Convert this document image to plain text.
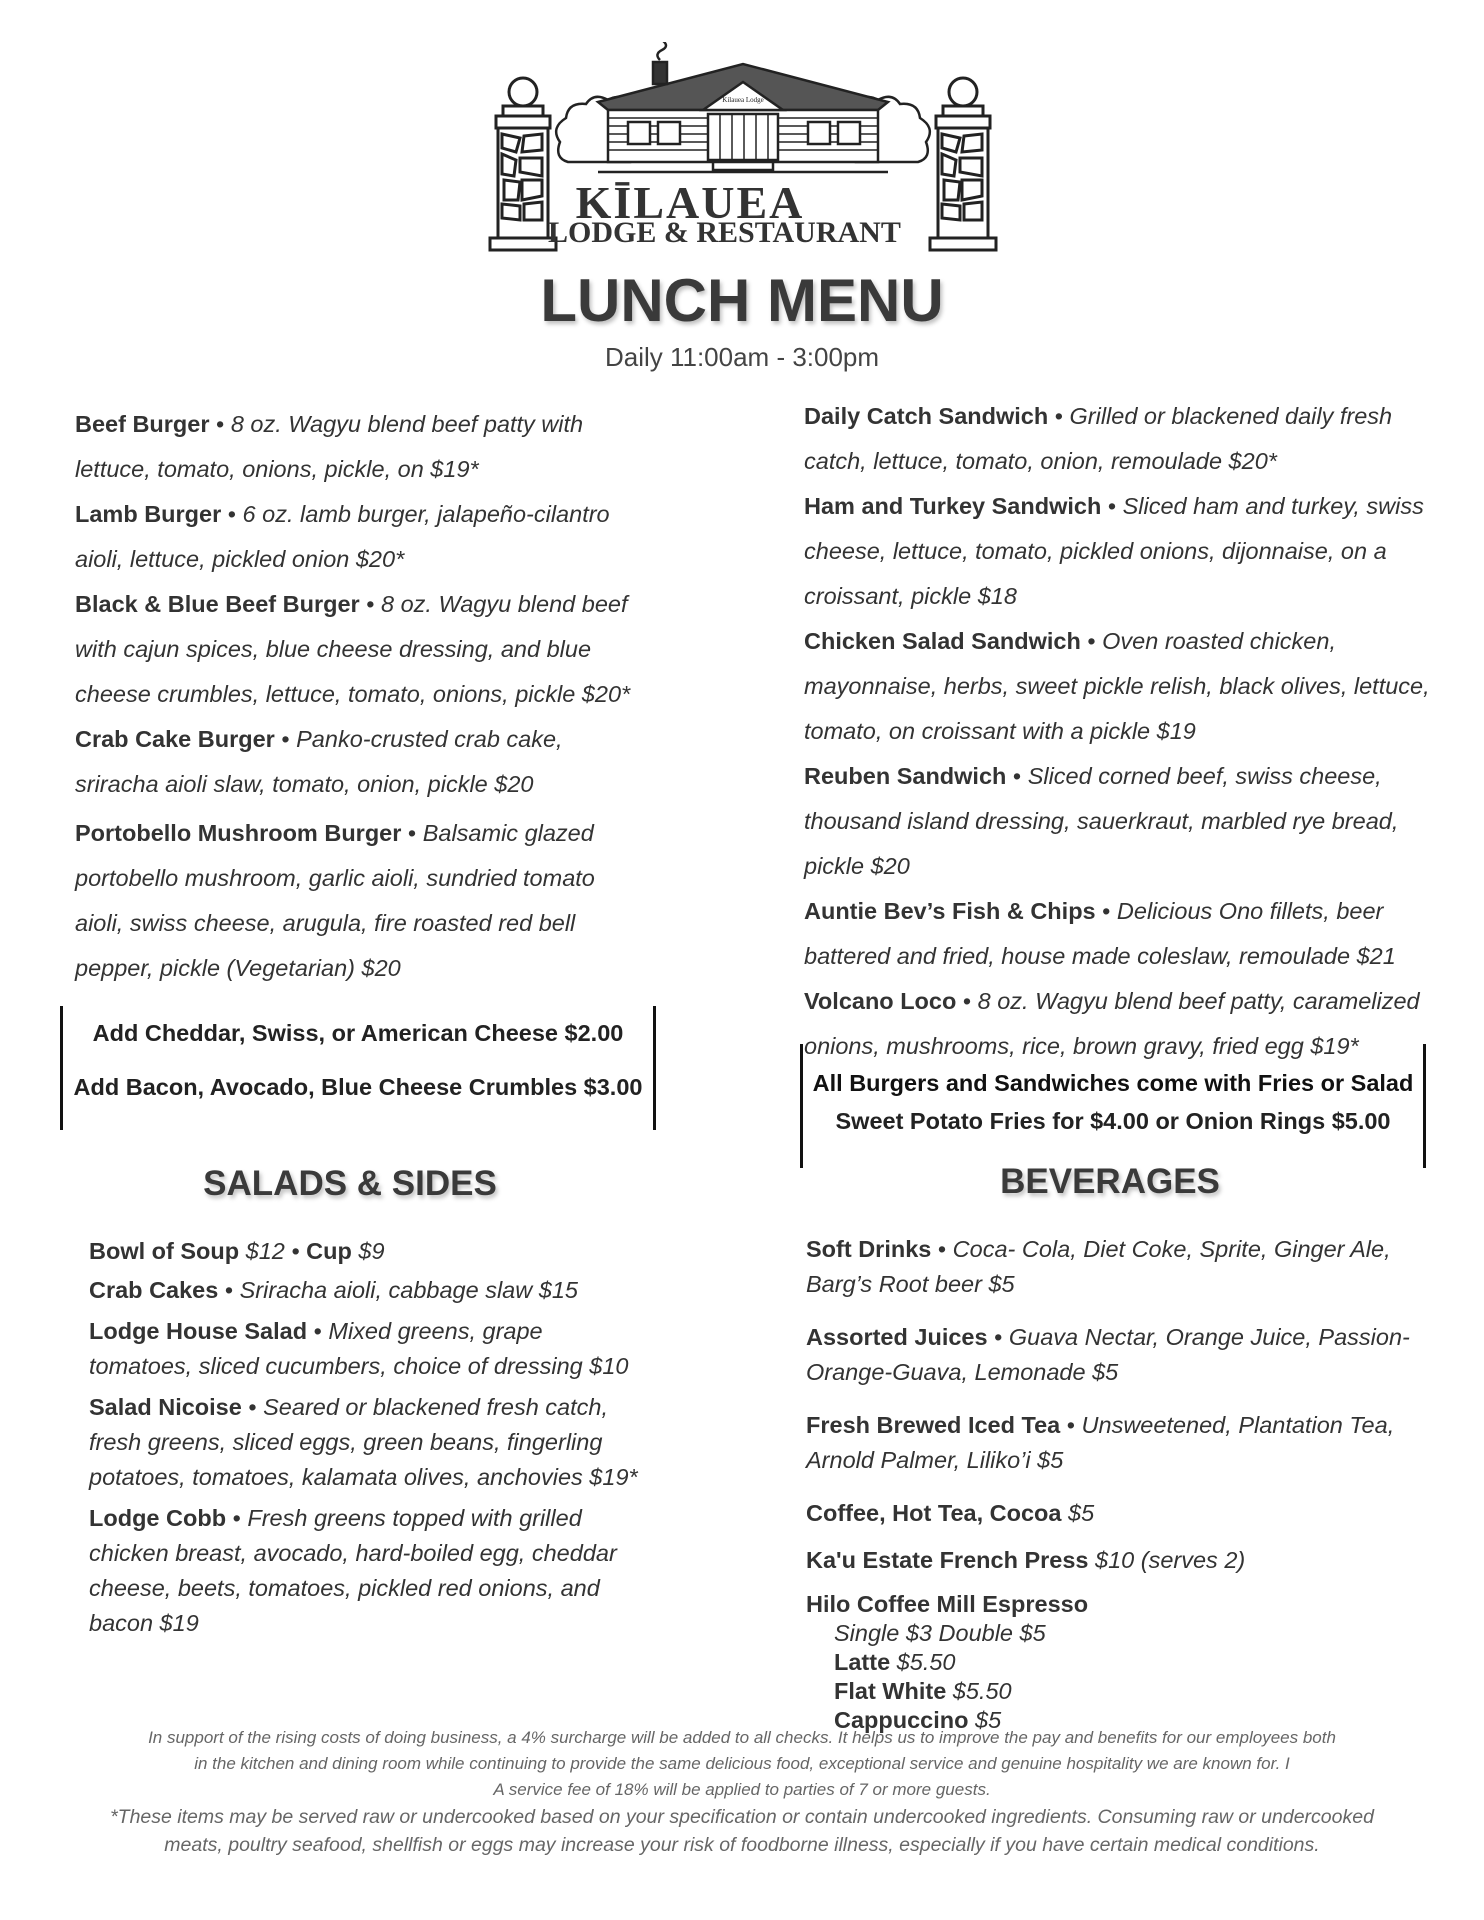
Kilauea Lodge
KĪLAUEA
LODGE & RESTAURANT
LUNCH MENU
Daily 11:00am - 3:00pm
Beef Burger • 8 oz. Wagyu blend beef patty with lettuce, tomato, onions, pickle, on $19*
Lamb Burger • 6 oz. lamb burger, jalapeño-cilantro aioli, lettuce, pickled onion $20*
Black & Blue Beef Burger • 8 oz. Wagyu blend beef with cajun spices, blue cheese dressing, and blue cheese crumbles, lettuce, tomato, onions, pickle $20*
Crab Cake Burger • Panko-crusted crab cake, sriracha aioli slaw, tomato, onion, pickle $20
Portobello Mushroom Burger • Balsamic glazed portobello mushroom, garlic aioli, sundried tomato aioli, swiss cheese, arugula, fire roasted red bell pepper, pickle (Vegetarian) $20
Add Cheddar, Swiss, or American Cheese $2.00
Add Bacon, Avocado, Blue Cheese Crumbles $3.00
Daily Catch Sandwich • Grilled or blackened daily fresh catch, lettuce, tomato, onion, remoulade $20*
Ham and Turkey Sandwich • Sliced ham and turkey, swiss cheese, lettuce, tomato, pickled onions, dijonnaise, on a croissant, pickle $18
Chicken Salad Sandwich • Oven roasted chicken, mayonnaise, herbs, sweet pickle relish, black olives, lettuce, tomato, on croissant with a pickle $19
Reuben Sandwich • Sliced corned beef, swiss cheese, thousand island dressing, sauerkraut, marbled rye bread, pickle $20
Auntie Bev’s Fish & Chips • Delicious Ono fillets, beer battered and fried, house made coleslaw, remoulade $21
Volcano Loco • 8 oz. Wagyu blend beef patty, caramelized onions, mushrooms, rice, brown gravy, fried egg $19*
All Burgers and Sandwiches come with Fries or Salad
Sweet Potato Fries for $4.00 or Onion Rings $5.00
SALADS & SIDES	BEVERAGES
Bowl of Soup $12 • Cup $9
Crab Cakes • Sriracha aioli, cabbage slaw $15
Lodge House Salad • Mixed greens, grape tomatoes, sliced cucumbers, choice of dressing $10
Salad Nicoise • Seared or blackened fresh catch, fresh greens, sliced eggs, green beans, fingerling potatoes, tomatoes, kalamata olives, anchovies $19*
Lodge Cobb • Fresh greens topped with grilled chicken breast, avocado, hard-boiled egg, cheddar cheese, beets, tomatoes, pickled red onions, and bacon $19
Soft Drinks • Coca- Cola, Diet Coke, Sprite, Ginger Ale, Barg’s Root beer $5
Assorted Juices • Guava Nectar, Orange Juice, Passion-Orange-Guava, Lemonade $5
Fresh Brewed Iced Tea • Unsweetened, Plantation Tea, Arnold Palmer, Liliko’i $5
Coffee, Hot Tea, Cocoa $5
Ka'u Estate French Press $10 (serves 2)
Hilo Coffee Mill Espresso
Single $3 Double $5
Latte $5.50
Flat White $5.50
Cappuccino $5
In support of the rising costs of doing business, a 4% surcharge will be added to all checks. It helps us to improve the pay and benefits for our employees both
in the kitchen and dining room while continuing to provide the same delicious food, exceptional service and genuine hospitality we are known for. I
A service fee of 18% will be applied to parties of 7 or more guests.
*These items may be served raw or undercooked based on your specification or contain undercooked ingredients. Consuming raw or undercooked
meats, poultry seafood, shellfish or eggs may increase your risk of foodborne illness, especially if you have certain medical conditions.
